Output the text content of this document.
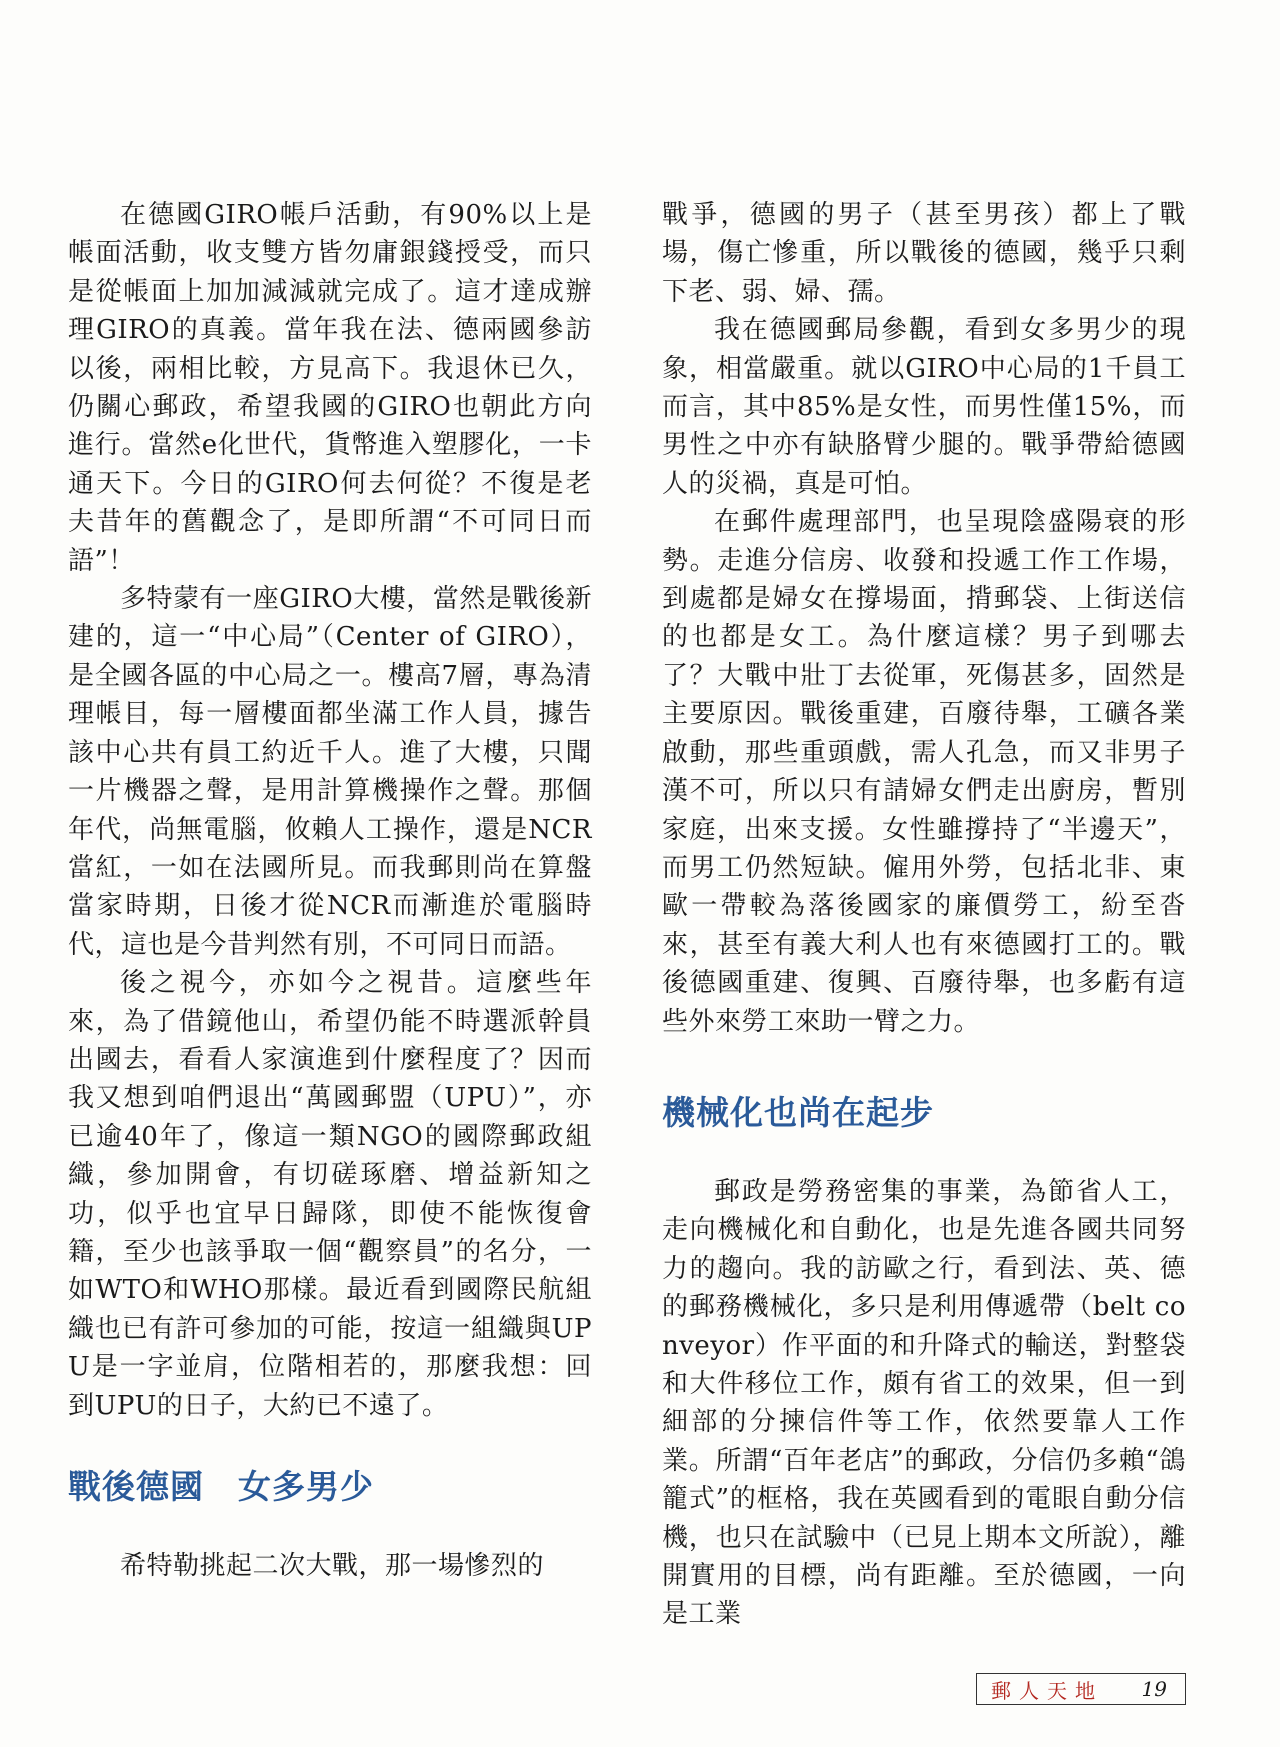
在德國GIRO帳戶活動，有90%以上是帳面活動，收支雙方皆勿庸銀錢授受，而只是從帳面上加加減減就完成了。這才達成辦理GIRO的真義。當年我在法、德兩國參訪以後，兩相比較，方見高下。我退休已久，仍關心郵政，希望我國的GIRO也朝此方向進行。當然e化世代，貨幣進入塑膠化，一卡通天下。今日的GIRO何去何從？不復是老夫昔年的舊觀念了，是即所謂“不可同日而語”！

多特蒙有一座GIRO大樓，當然是戰後新建的，這一“中心局”（Center of GIRO），是全國各區的中心局之一。樓高7層，專為清理帳目，每一層樓面都坐滿工作人員，據告該中心共有員工約近千人。進了大樓，只聞一片機器之聲，是用計算機操作之聲。那個年代，尚無電腦，攸賴人工操作，還是NCR當紅，一如在法國所見。而我郵則尚在算盤當家時期，日後才從NCR而漸進於電腦時代，這也是今昔判然有別，不可同日而語。

後之視今，亦如今之視昔。這麼些年來，為了借鏡他山，希望仍能不時選派幹員出國去，看看人家演進到什麼程度了？因而我又想到咱們退出“萬國郵盟（UPU）”，亦已逾40年了，像這一類NGO的國際郵政組織，參加開會，有切磋琢磨、增益新知之功，似乎也宜早日歸隊，即使不能恢復會籍，至少也該爭取一個“觀察員”的名分，一如WTO和WHO那樣。最近看到國際民航組織也已有許可參加的可能，按這一組織與UPU是一字並肩，位階相若的，那麼我想：回到UPU的日子，大約已不遠了。

戰後德國　女多男少

希特勒挑起二次大戰，那一場慘烈的

戰爭，德國的男子（甚至男孩）都上了戰場，傷亡慘重，所以戰後的德國，幾乎只剩下老、弱、婦、孺。

我在德國郵局參觀，看到女多男少的現象，相當嚴重。就以GIRO中心局的1千員工而言，其中85%是女性，而男性僅15%，而男性之中亦有缺胳臂少腿的。戰爭帶給德國人的災禍，真是可怕。

在郵件處理部門，也呈現陰盛陽衰的形勢。走進分信房、收發和投遞工作工作場，到處都是婦女在撐場面，揹郵袋、上街送信的也都是女工。為什麼這樣？男子到哪去了？大戰中壯丁去從軍，死傷甚多，固然是主要原因。戰後重建，百廢待舉，工礦各業啟動，那些重頭戲，需人孔急，而又非男子漢不可，所以只有請婦女們走出廚房，暫別家庭，出來支援。女性雖撐持了“半邊天”，而男工仍然短缺。僱用外勞，包括北非、東歐一帶較為落後國家的廉價勞工，紛至沓來，甚至有義大利人也有來德國打工的。戰後德國重建、復興、百廢待舉，也多虧有這些外來勞工來助一臂之力。

機械化也尚在起步

郵政是勞務密集的事業，為節省人工，走向機械化和自動化，也是先進各國共同努力的趨向。我的訪歐之行，看到法、英、德的郵務機械化，多只是利用傳遞帶（belt conveyor）作平面的和升降式的輸送，對整袋和大件移位工作，頗有省工的效果，但一到細部的分揀信件等工作，依然要靠人工作業。所謂“百年老店”的郵政，分信仍多賴“鴿籠式”的框格，我在英國看到的電眼自動分信機，也只在試驗中（已見上期本文所說），離開實用的目標，尚有距離。至於德國，一向是工業

郵人天地	19
